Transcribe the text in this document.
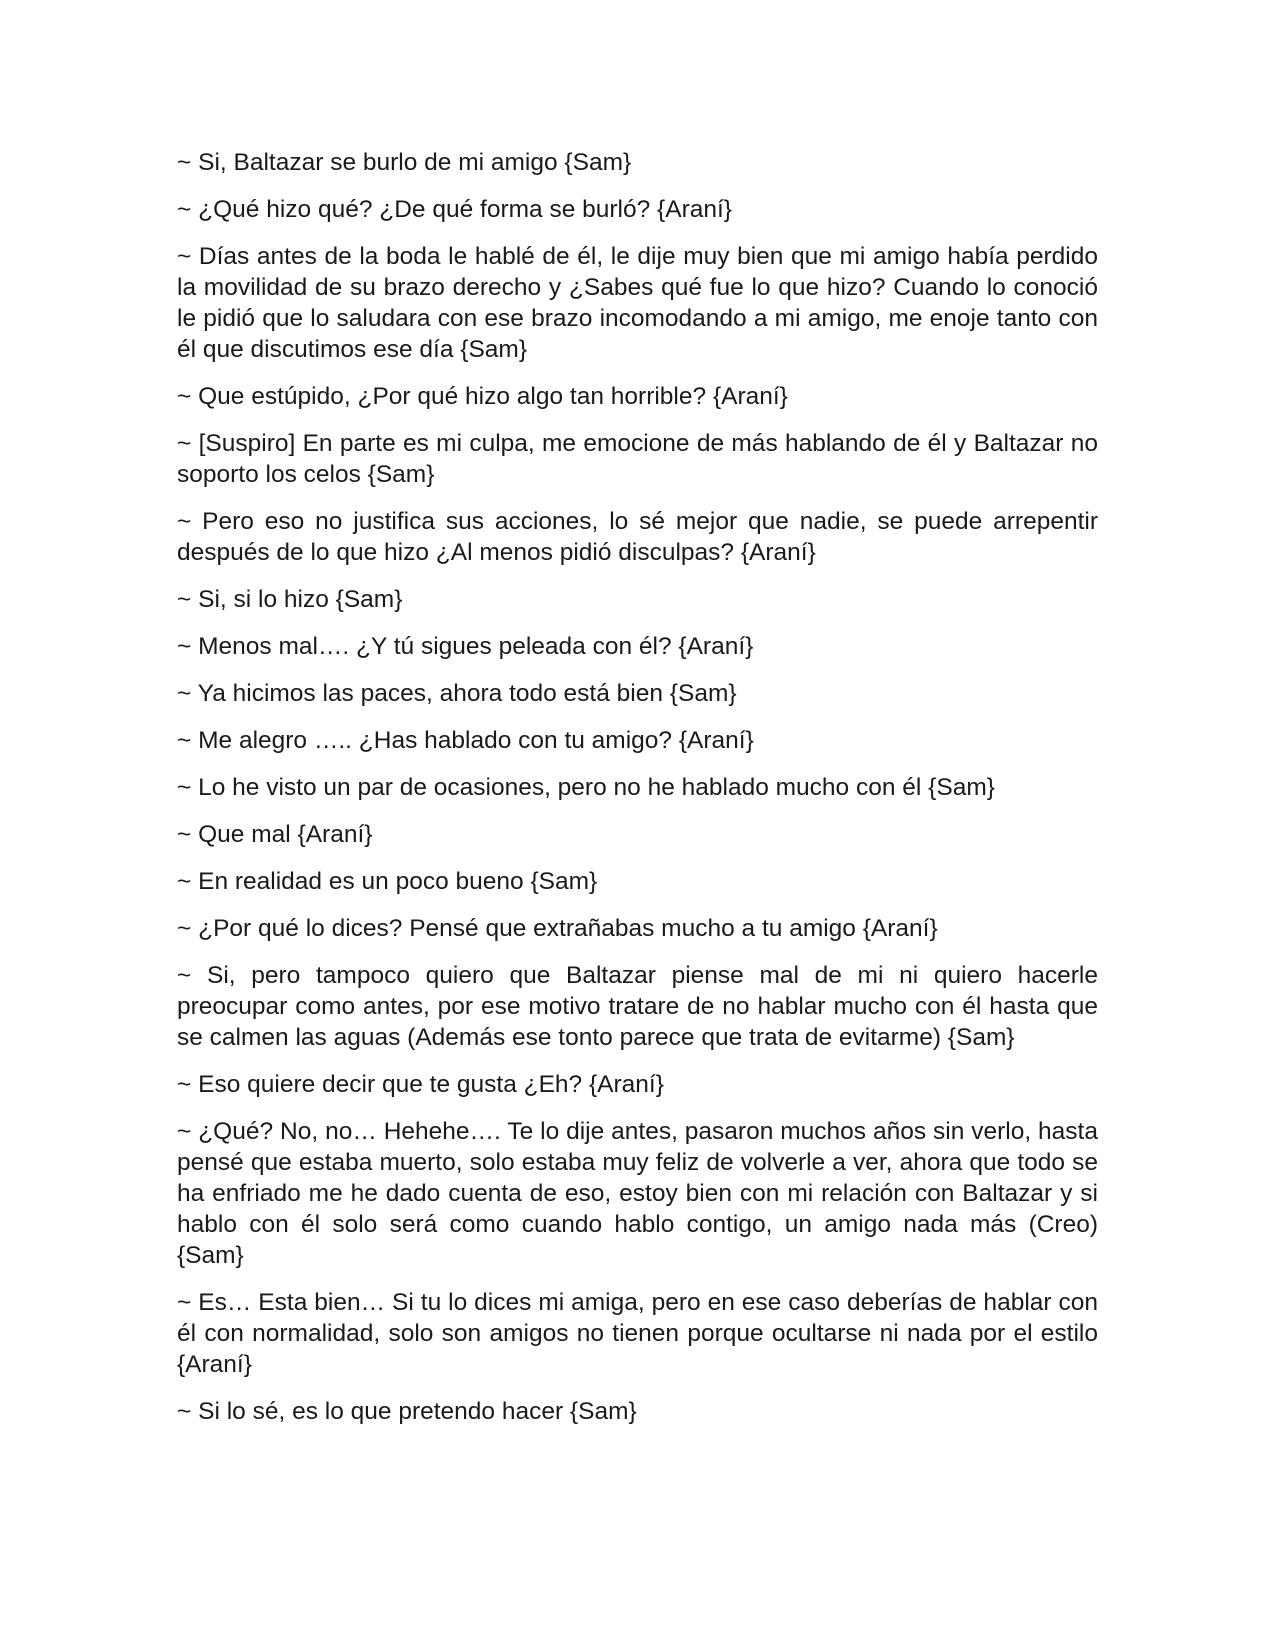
~ Si, Baltazar se burlo de mi amigo {Sam}

~ ¿Qué hizo qué? ¿De qué forma se burló? {Araní}

~ Días antes de la boda le hablé de él, le dije muy bien que mi amigo había perdido la movilidad de su brazo derecho y ¿Sabes qué fue lo que hizo? Cuando lo conoció le pidió que lo saludara con ese brazo incomodando a mi amigo, me enoje tanto con él que discutimos ese día {Sam}

~ Que estúpido, ¿Por qué hizo algo tan horrible? {Araní}

~ [Suspiro] En parte es mi culpa, me emocione de más hablando de él y Baltazar no soporto los celos {Sam}

~ Pero eso no justifica sus acciones, lo sé mejor que nadie, se puede arrepentir después de lo que hizo ¿Al menos pidió disculpas? {Araní}

~ Si, si lo hizo {Sam}

~ Menos mal…. ¿Y tú sigues peleada con él? {Araní}

~ Ya hicimos las paces, ahora todo está bien {Sam}

~ Me alegro ….. ¿Has hablado con tu amigo? {Araní}

~ Lo he visto un par de ocasiones, pero no he hablado mucho con él {Sam}

~ Que mal {Araní}

~ En realidad es un poco bueno {Sam}

~ ¿Por qué lo dices? Pensé que extrañabas mucho a tu amigo {Araní}

~ Si, pero tampoco quiero que Baltazar piense mal de mi ni quiero hacerle preocupar como antes, por ese motivo tratare de no hablar mucho con él hasta que se calmen las aguas (Además ese tonto parece que trata de evitarme) {Sam}

~ Eso quiere decir que te gusta ¿Eh? {Araní}

~ ¿Qué? No, no… Hehehe…. Te lo dije antes, pasaron muchos años sin verlo, hasta pensé que estaba muerto, solo estaba muy feliz de volverle a ver, ahora que todo se ha enfriado me he dado cuenta de eso, estoy bien con mi relación con Baltazar y si hablo con él solo será como cuando hablo contigo, un amigo nada más (Creo) {Sam}

~ Es… Esta bien… Si tu lo dices mi amiga, pero en ese caso deberías de hablar con él con normalidad, solo son amigos no tienen porque ocultarse ni nada por el estilo {Araní}

~ Si lo sé, es lo que pretendo hacer {Sam}
